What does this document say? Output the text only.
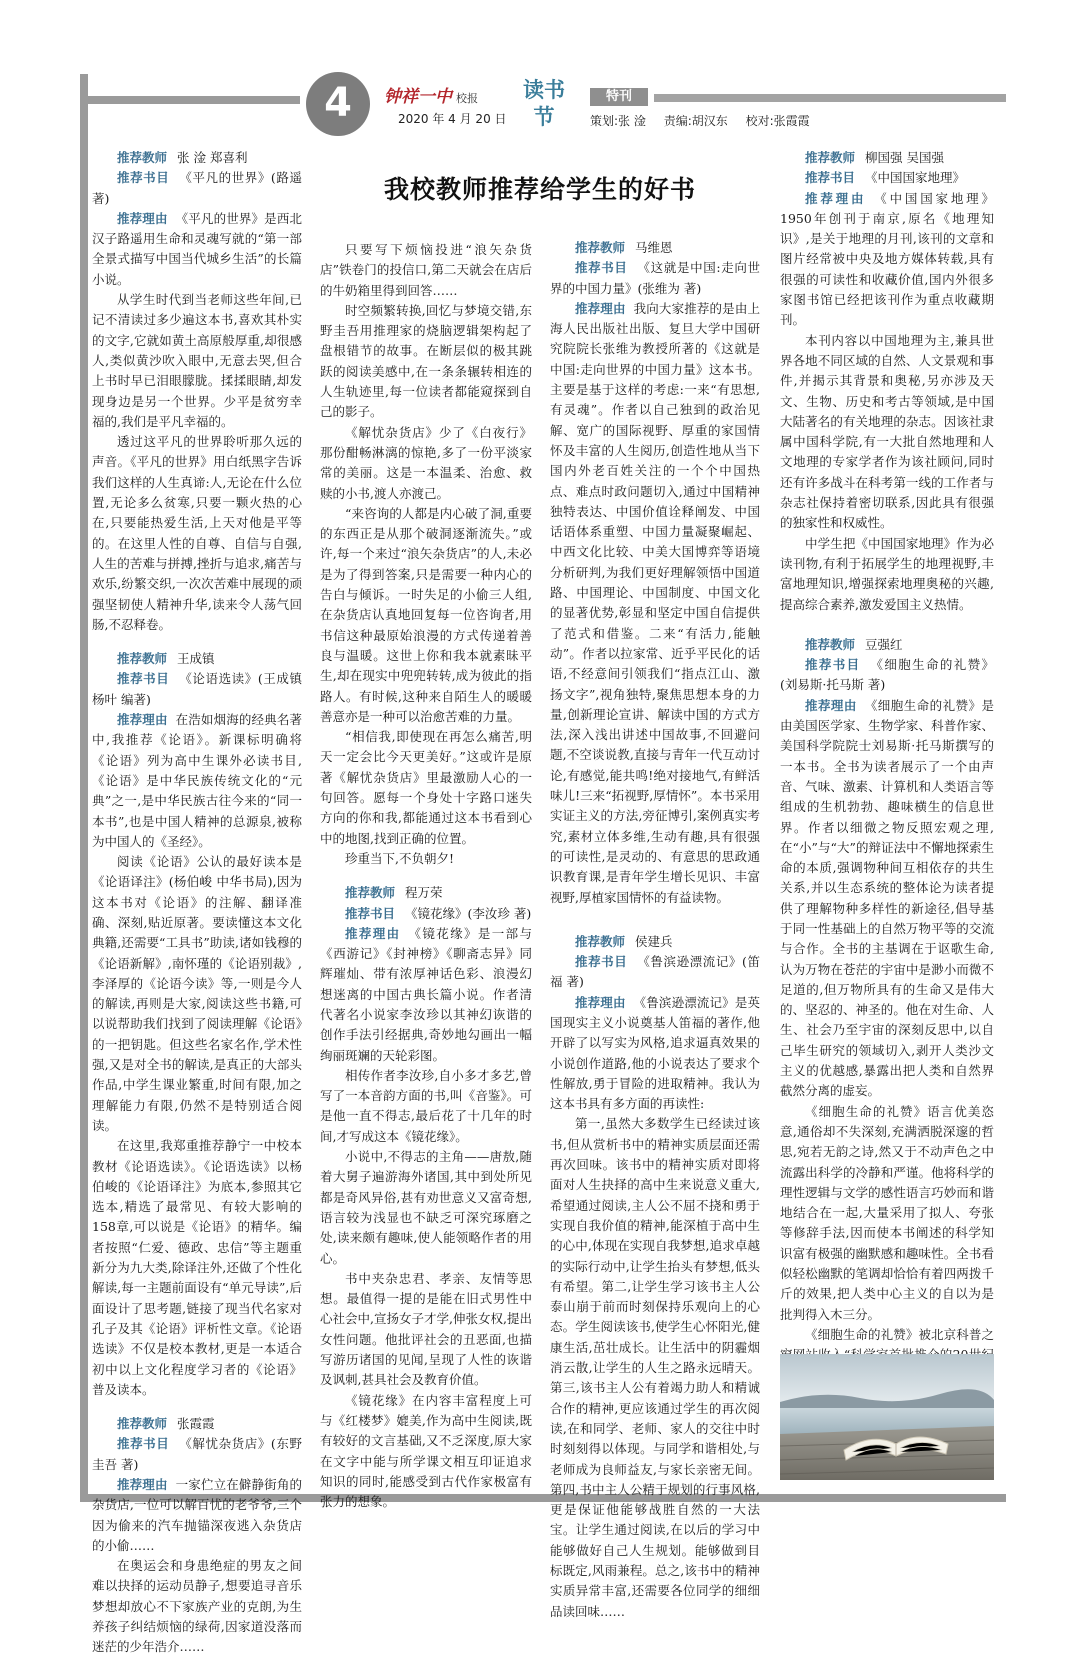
4	钟祥一中 校报
2020 年 4 月 20 日
读书节
特刊
策划:张 淦 责编:胡汉东 校对:张霞霞
我校教师推荐给学生的好书
推荐教师 张 淦 郑喜利
推荐书目 《平凡的世界》(路遥著)

推荐理由 《平凡的世界》是西北汉子路遥用生命和灵魂写就的“第一部全景式描写中国当代城乡生活”的长篇小说。

从学生时代到当老师这些年间,已记不清读过多少遍这本书,喜欢其朴实的文字,它就如黄土高原般厚重,却很感人,类似黄沙吹入眼中,无意去哭,但合上书时早已泪眼朦胧。揉揉眼睛,却发现身边是另一个世界。少平是贫穷幸福的,我们是平凡幸福的。

透过这平凡的世界聆听那久远的声音。《平凡的世界》用白纸黑字告诉我们这样的人生真谛:人,无论在什么位置,无论多么贫寒,只要一颗火热的心在,只要能热爱生活,上天对他是平等的。在这里人性的自尊、自信与自强,人生的苦难与拼搏,挫折与追求,痛苦与欢乐,纷繁交织,一次次苦难中展现的顽强坚韧使人精神升华,读来令人荡气回肠,不忍释卷。

推荐教师 王成镇
推荐书目 《论语选读》(王成镇 杨叶 编著)

推荐理由 在浩如烟海的经典名著中,我推荐《论语》。新课标明确将《论语》列为高中生课外必读书目,《论语》是中华民族传统文化的“元典”之一,是中华民族古往今来的“同一本书”,也是中国人精神的总源泉,被称为中国人的《圣经》。

阅读《论语》公认的最好读本是《论语译注》(杨伯峻 中华书局),因为这本书对《论语》的注解、翻译准确、深刻,贴近原著。要读懂这本文化典籍,还需要“工具书”助读,诸如钱穆的《论语新解》,南怀瑾的《论语别裁》,李泽厚的《论语今读》等,一则是今人的解读,再则是大家,阅读这些书籍,可以说帮助我们找到了阅读理解《论语》的一把钥匙。但这些名家名作,学术性强,又是对全书的解读,是真正的大部头作品,中学生课业繁重,时间有限,加之理解能力有限,仍然不是特别适合阅读。

在这里,我郑重推荐静宁一中校本教材《论语选读》。《论语选读》以杨伯峻的《论语译注》为底本,参照其它选本,精选了最常见、有较大影响的158章,可以说是《论语》的精华。编者按照“仁爱、德政、忠信”等主题重新分为九大类,除译注外,还做了个性化解读,每一主题前面设有“单元导读”,后面设计了思考题,链接了现当代名家对孔子及其《论语》评析性文章。《论语选读》不仅是校本教材,更是一本适合初中以上文化程度学习者的《论语》普及读本。

推荐教师 张霞霞
推荐书目 《解忧杂货店》(东野圭吾 著)

推荐理由 一家伫立在僻静街角的杂货店,一位可以解百忧的老爷爷,三个因为偷来的汽车抛锚深夜逃入杂货店的小偷……

在奥运会和身患绝症的男友之间难以抉择的运动员静子,想要追寻音乐梦想却放心不下家族产业的克朗,为生养孩子纠结烦恼的绿荷,因家道没落而迷茫的少年浩介……

只要写下烦恼投进“浪矢杂货店”铁卷门的投信口,第二天就会在店后的牛奶箱里得到回答……

时空频繁转换,回忆与梦境交错,东野圭吾用推理家的烧脑逻辑架构起了盘根错节的故事。在断层似的极其跳跃的阅读美感中,在一条条辗转相连的人生轨迹里,每一位读者都能窥探到自己的影子。

《解忧杂货店》少了《白夜行》那份酣畅淋漓的惊艳,多了一份平淡家常的美丽。这是一本温柔、治愈、救赎的小书,渡人亦渡己。

“来咨询的人都是内心破了洞,重要的东西正是从那个破洞逐渐流失。”或许,每一个来过“浪矢杂货店”的人,未必是为了得到答案,只是需要一种内心的告白与倾诉。一时失足的小偷三人组,在杂货店认真地回复每一位咨询者,用书信这种最原始浪漫的方式传递着善良与温暖。这世上你和我本就素昧平生,却在现实中兜兜转转,成为彼此的指路人。有时候,这种来自陌生人的暖暖善意亦是一种可以治愈苦难的力量。

“相信我,即使现在再怎么痛苦,明天一定会比今天更美好。”这或许是原著《解忧杂货店》里最激励人心的一句回答。愿每一个身处十字路口迷失方向的你和我,都能通过这本书看到心中的地图,找到正确的位置。

珍重当下,不负朝夕!

推荐教师 程万荣
推荐书目 《镜花缘》(李汝珍 著)

推荐理由 《镜花缘》是一部与《西游记》《封神榜》《聊斋志异》同辉璀灿、带有浓厚神话色彩、浪漫幻想迷离的中国古典长篇小说。作者清代著名小说家李汝珍以其神幻诙谐的创作手法引经据典,奇妙地勾画出一幅绚丽斑斓的天轮彩图。

相传作者李汝珍,自小多才多艺,曾写了一本音韵方面的书,叫《音鉴》。可是他一直不得志,最后花了十几年的时间,才写成这本《镜花缘》。

小说中,不得志的主角——唐敖,随着大舅子遍游海外诸国,其中到处所见都是奇风异俗,甚有劝世意义又富奇想,语言较为浅显也不缺乏可深究琢磨之处,读来颇有趣味,使人能领略作者的用心。

书中夹杂忠君、孝亲、友情等思想。最值得一提的是能在旧式男性中心社会中,宣扬女子才学,伸张女权,提出女性问题。他批评社会的丑恶面,也描写游历诸国的见闻,呈现了人性的诙谐及讽刺,甚具社会及教育价值。

《镜花缘》在内容丰富程度上可与《红楼梦》媲美,作为高中生阅读,既有较好的文言基础,又不乏深度,原大家在文字中能与所学课文相互印证追求知识的同时,能感受到古代作家极富有张力的想象。

推荐教师 马维恩
推荐书目 《这就是中国:走向世界的中国力量》(张维为 著)

推荐理由 我向大家推荐的是由上海人民出版社出版、复旦大学中国研究院院长张维为教授所著的《这就是中国:走向世界的中国力量》这本书。主要是基于这样的考虑:一来“有思想,有灵魂”。作者以自己独到的政治见解、宽广的国际视野、厚重的家国情怀及丰富的人生阅历,创造性地从当下国内外老百姓关注的一个个中国热点、难点时政问题切入,通过中国精神独特表达、中国价值诠释阐发、中国话语体系重塑、中国力量凝聚崛起、中西文化比较、中美大国博弈等语境分析研判,为我们更好理解领悟中国道路、中国理论、中国制度、中国文化的显著优势,彰显和坚定中国自信提供了范式和借鉴。二来“有活力,能触动”。作者以拉家常、近乎平民化的话语,不经意间引领我们“指点江山、激扬文字”,视角独特,聚焦思想本身的力量,创新理论宣讲、解读中国的方式方法,深入浅出讲述中国故事,不回避问题,不空谈说教,直接与青年一代互动讨论,有感觉,能共鸣!绝对接地气,有鲜活味儿!三来“拓视野,厚情怀”。本书采用实证主义的方法,旁征博引,案例真实考究,素材立体多维,生动有趣,具有很强的可读性,是灵动的、有意思的思政通识教育课,是青年学生增长见识、丰富视野,厚植家国情怀的有益读物。

推荐教师 侯建兵
推荐书目 《鲁滨逊漂流记》(笛福 著)

推荐理由 《鲁滨逊漂流记》是英国现实主义小说奠基人笛福的著作,他开辟了以写实为风格,追求逼真效果的小说创作道路,他的小说表达了要求个性解放,勇于冒险的进取精神。我认为这本书具有多方面的再读性:

第一,虽然大多数学生已经读过该书,但从赏析书中的精神实质层面还需再次回味。该书中的精神实质对即将面对人生抉择的高中生来说意义重大,希望通过阅读,主人公不屈不挠和勇于实现自我价值的精神,能深植于高中生的心中,体现在实现自我梦想,追求卓越的实际行动中,让学生抬头有梦想,低头有希望。第二,让学生学习该书主人公泰山崩于前而时刻保持乐观向上的心态。学生阅读该书,使学生心怀阳光,健康生活,茁壮成长。让生活中的阴霾烟消云散,让学生的人生之路永远晴天。第三,该书主人公有着竭力助人和精诚合作的精神,更应该通过学生的再次阅读,在和同学、老师、家人的交往中时时刻刻得以体现。与同学和谐相处,与老师成为良师益友,与家长亲密无间。第四,书中主人公精于规划的行事风格,更是保证他能够战胜自然的一大法宝。让学生通过阅读,在以后的学习中能够做好自己人生规划。能够做到目标既定,风雨兼程。总之,该书中的精神实质异常丰富,还需要各位同学的细细品读回味……

推荐教师 柳国强 吴国强
推荐书目 《中国国家地理》

推荐理由 《中国国家地理》1950年创刊于南京,原名《地理知识》,是关于地理的月刊,该刊的文章和图片经常被中央及地方媒体转载,具有很强的可读性和收藏价值,国内外很多家图书馆已经把该刊作为重点收藏期刊。

本刊内容以中国地理为主,兼具世界各地不同区域的自然、人文景观和事件,并揭示其背景和奥秘,另亦涉及天文、生物、历史和考古等领域,是中国大陆著名的有关地理的杂志。因该社隶属中国科学院,有一大批自然地理和人文地理的专家学者作为该社顾问,同时还有许多战斗在科考第一线的工作者与杂志社保持着密切联系,因此具有很强的独家性和权威性。

中学生把《中国国家地理》作为必读刊物,有利于拓展学生的地理视野,丰富地理知识,增强探索地理奥秘的兴趣,提高综合素养,激发爱国主义热情。

推荐教师 豆强红
推荐书目 《细胞生命的礼赞》(刘易斯·托马斯 著)

推荐理由 《细胞生命的礼赞》是由美国医学家、生物学家、科普作家、美国科学院院士刘易斯·托马斯撰写的一本书。全书为读者展示了一个由声音、气味、激素、计算机和人类语言等组成的生机勃勃、趣味横生的信息世界。作者以细微之物反照宏观之理,在“小”与“大”的辩证法中不懈地探索生命的本质,强调物种间互相依存的共生关系,并以生态系统的整体论为读者提供了理解物种多样性的新途径,倡导基于同一性基础上的自然万物平等的交流与合作。全书的主基调在于讴歌生命,认为万物在苍茫的宇宙中是渺小而微不足道的,但万物所具有的生命又是伟大的、坚忍的、神圣的。他在对生命、人生、社会乃至宇宙的深刻反思中,以自己毕生研究的领域切入,剥开人类沙文主义的优越感,暴露出把人类和自然界截然分离的虚妄。

《细胞生命的礼赞》语言优美恣意,通俗却不失深刻,充满洒脱深邃的哲思,宛若无韵之诗,然又于不动声色之中流露出科学的冷静和严谨。他将科学的理性逻辑与文学的感性语言巧妙而和谐地结合在一起,大量采用了拟人、夸张等修辞手法,因而使本书阐述的科学知识富有极强的幽默感和趣味性。全书看似轻松幽默的笔调却恰恰有着四两拨千斤的效果,把人类中心主义的自以为是批判得入木三分。

《细胞生命的礼赞》被北京科普之
